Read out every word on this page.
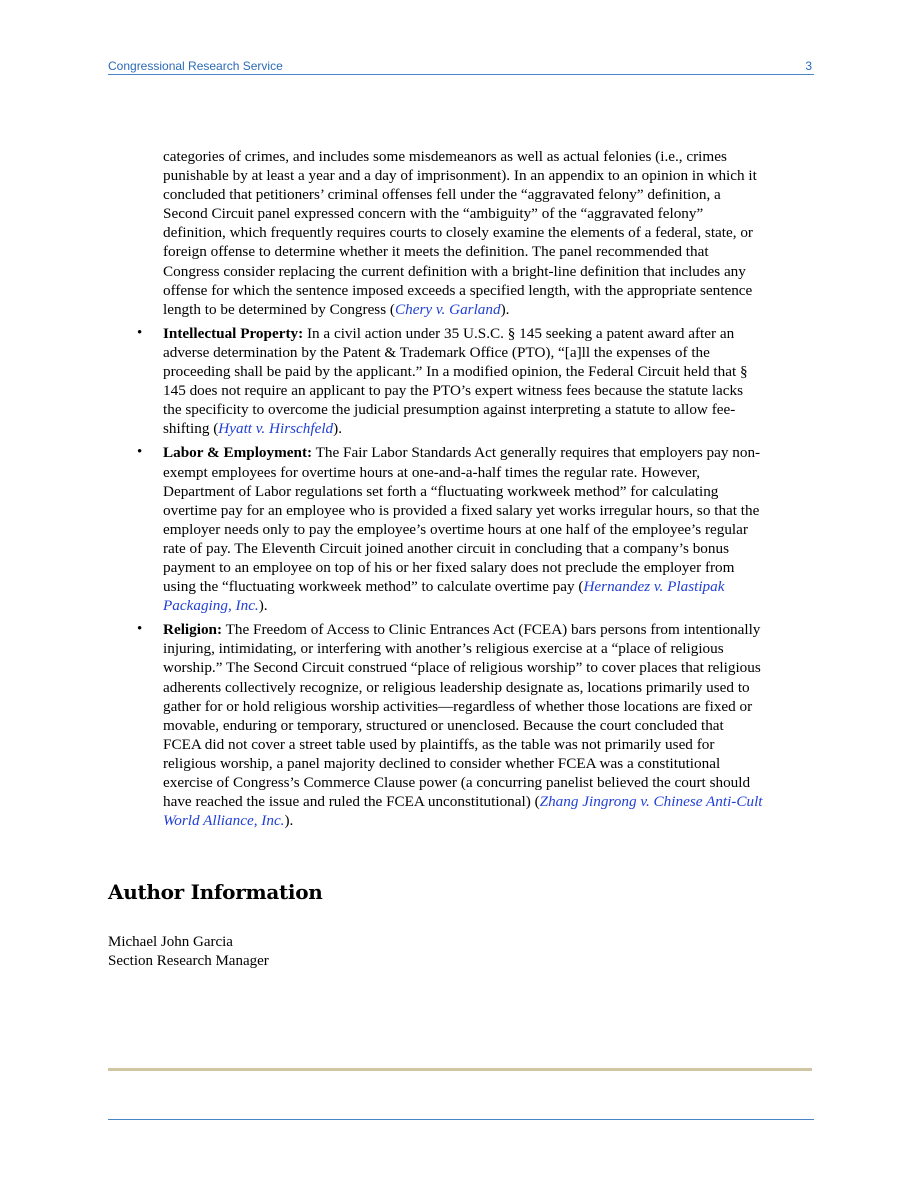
Congressional Research Service	3

categories of crimes, and includes some misdemeanors as well as actual felonies (i.e., crimes punishable by at least a year and a day of imprisonment). In an appendix to an opinion in which it concluded that petitioners’ criminal offenses fell under the “aggravated felony” definition, a Second Circuit panel expressed concern with the “ambiguity” of the “aggravated felony” definition, which frequently requires courts to closely examine the elements of a federal, state, or foreign offense to determine whether it meets the definition. The panel recommended that Congress consider replacing the current definition with a bright-line definition that includes any offense for which the sentence imposed exceeds a specified length, with the appropriate sentence length to be determined by Congress (Chery v. Garland).

• Intellectual Property: In a civil action under 35 U.S.C. § 145 seeking a patent award after an adverse determination by the Patent & Trademark Office (PTO), “[a]ll the expenses of the proceeding shall be paid by the applicant.” In a modified opinion, the Federal Circuit held that § 145 does not require an applicant to pay the PTO’s expert witness fees because the statute lacks the specificity to overcome the judicial presumption against interpreting a statute to allow fee-shifting (Hyatt v. Hirschfeld).
• Labor & Employment: The Fair Labor Standards Act generally requires that employers pay non-exempt employees for overtime hours at one-and-a-half times the regular rate. However, Department of Labor regulations set forth a “fluctuating workweek method” for calculating overtime pay for an employee who is provided a fixed salary yet works irregular hours, so that the employer needs only to pay the employee’s overtime hours at one half of the employee’s regular rate of pay. The Eleventh Circuit joined another circuit in concluding that a company’s bonus payment to an employee on top of his or her fixed salary does not preclude the employer from using the “fluctuating workweek method” to calculate overtime pay (Hernandez v. Plastipak Packaging, Inc.).
• Religion: The Freedom of Access to Clinic Entrances Act (FCEA) bars persons from intentionally injuring, intimidating, or interfering with another’s religious exercise at a “place of religious worship.” The Second Circuit construed “place of religious worship” to cover places that religious adherents collectively recognize, or religious leadership designate as, locations primarily used to gather for or hold religious worship activities—regardless of whether those locations are fixed or movable, enduring or temporary, structured or unenclosed. Because the court concluded that FCEA did not cover a street table used by plaintiffs, as the table was not primarily used for religious worship, a panel majority declined to consider whether FCEA was a constitutional exercise of Congress’s Commerce Clause power (a concurring panelist believed the court should have reached the issue and ruled the FCEA unconstitutional) (Zhang Jingrong v. Chinese Anti-Cult World Alliance, Inc.).
Author Information
Michael John Garcia
Section Research Manager
